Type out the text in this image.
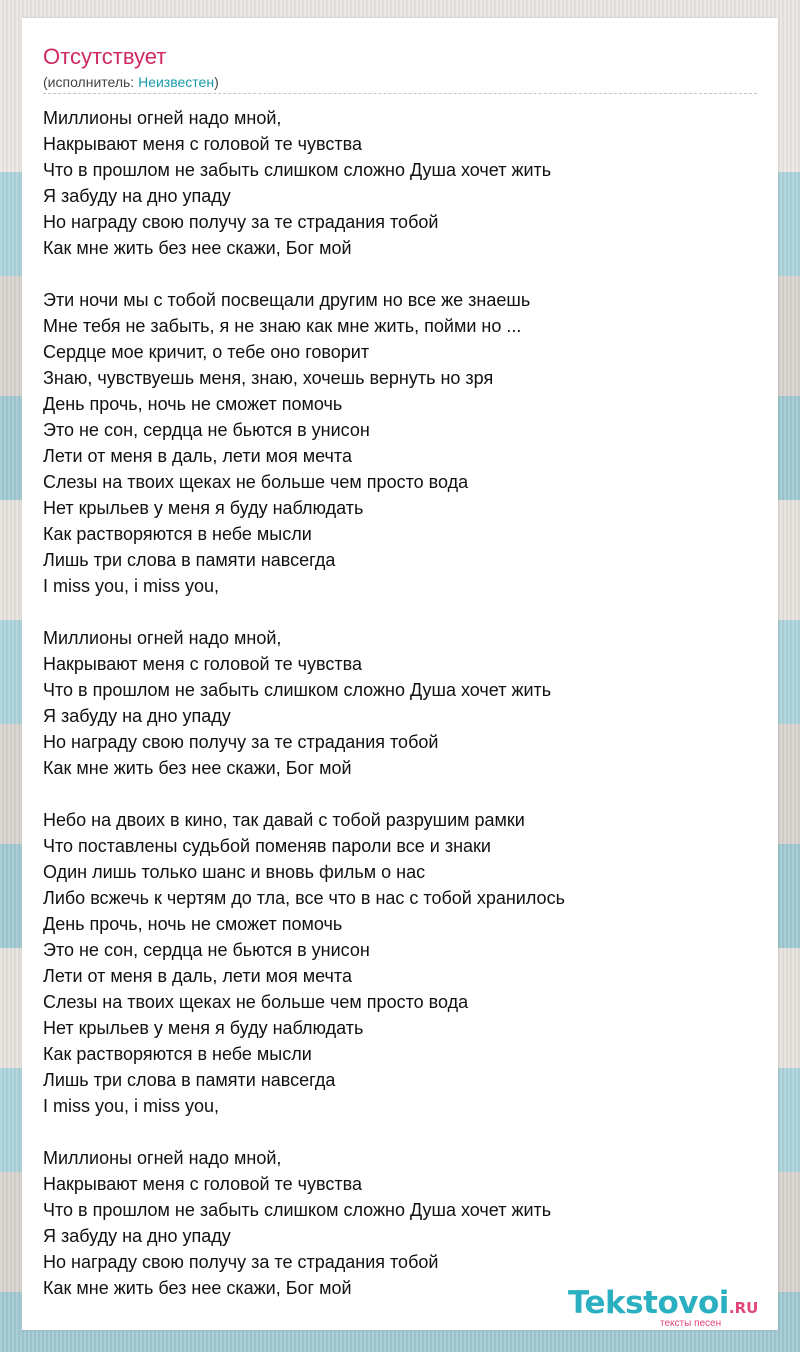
Отсутствует
(исполнитель: Неизвестен)
Миллионы огней надо мной,
Накрывают меня с головой те чувства
Что в прошлом не забыть слишком сложно Душа хочет жить
Я забуду на дно упаду
Но награду свою получу за те страдания тобой
Как мне жить без нее скажи, Бог мой
Эти ночи мы с тобой посвещали другим но все же знаешь
Мне тебя не забыть, я не знаю как мне жить, пойми но ...
Сердце мое кричит, о тебе оно говорит
Знаю, чувствуешь меня, знаю, хочешь вернуть но зря
День прочь, ночь не сможет помочь
Это не сон, сердца не бьются в унисон
Лети от меня в даль, лети моя мечта
Слезы на твоих щеках не больше чем просто вода
Нет крыльев у меня я буду наблюдать
Как растворяются в небе мысли
Лишь три слова в памяти навсегда
I miss you, i miss you,
Миллионы огней надо мной,
Накрывают меня с головой те чувства
Что в прошлом не забыть слишком сложно Душа хочет жить
Я забуду на дно упаду
Но награду свою получу за те страдания тобой
Как мне жить без нее скажи, Бог мой
Небо на двоих в кино, так давай с тобой разрушим рамки
Что поставлены судьбой поменяв пароли все и знаки
Один лишь только шанс и вновь фильм о нас
Либо всжечь к чертям до тла, все что в нас с тобой хранилось
День прочь, ночь не сможет помочь
Это не сон, сердца не бьются в унисон
Лети от меня в даль, лети моя мечта
Слезы на твоих щеках не больше чем просто вода
Нет крыльев у меня я буду наблюдать
Как растворяются в небе мысли
Лишь три слова в памяти навсегда
I miss you, i miss you,
Миллионы огней надо мной,
Накрывают меня с головой те чувства
Что в прошлом не забыть слишком сложно Душа хочет жить
Я забуду на дно упаду
Но награду свою получу за те страдания тобой
Как мне жить без нее скажи, Бог мой	Tekstovoi.RU
тексты песен
